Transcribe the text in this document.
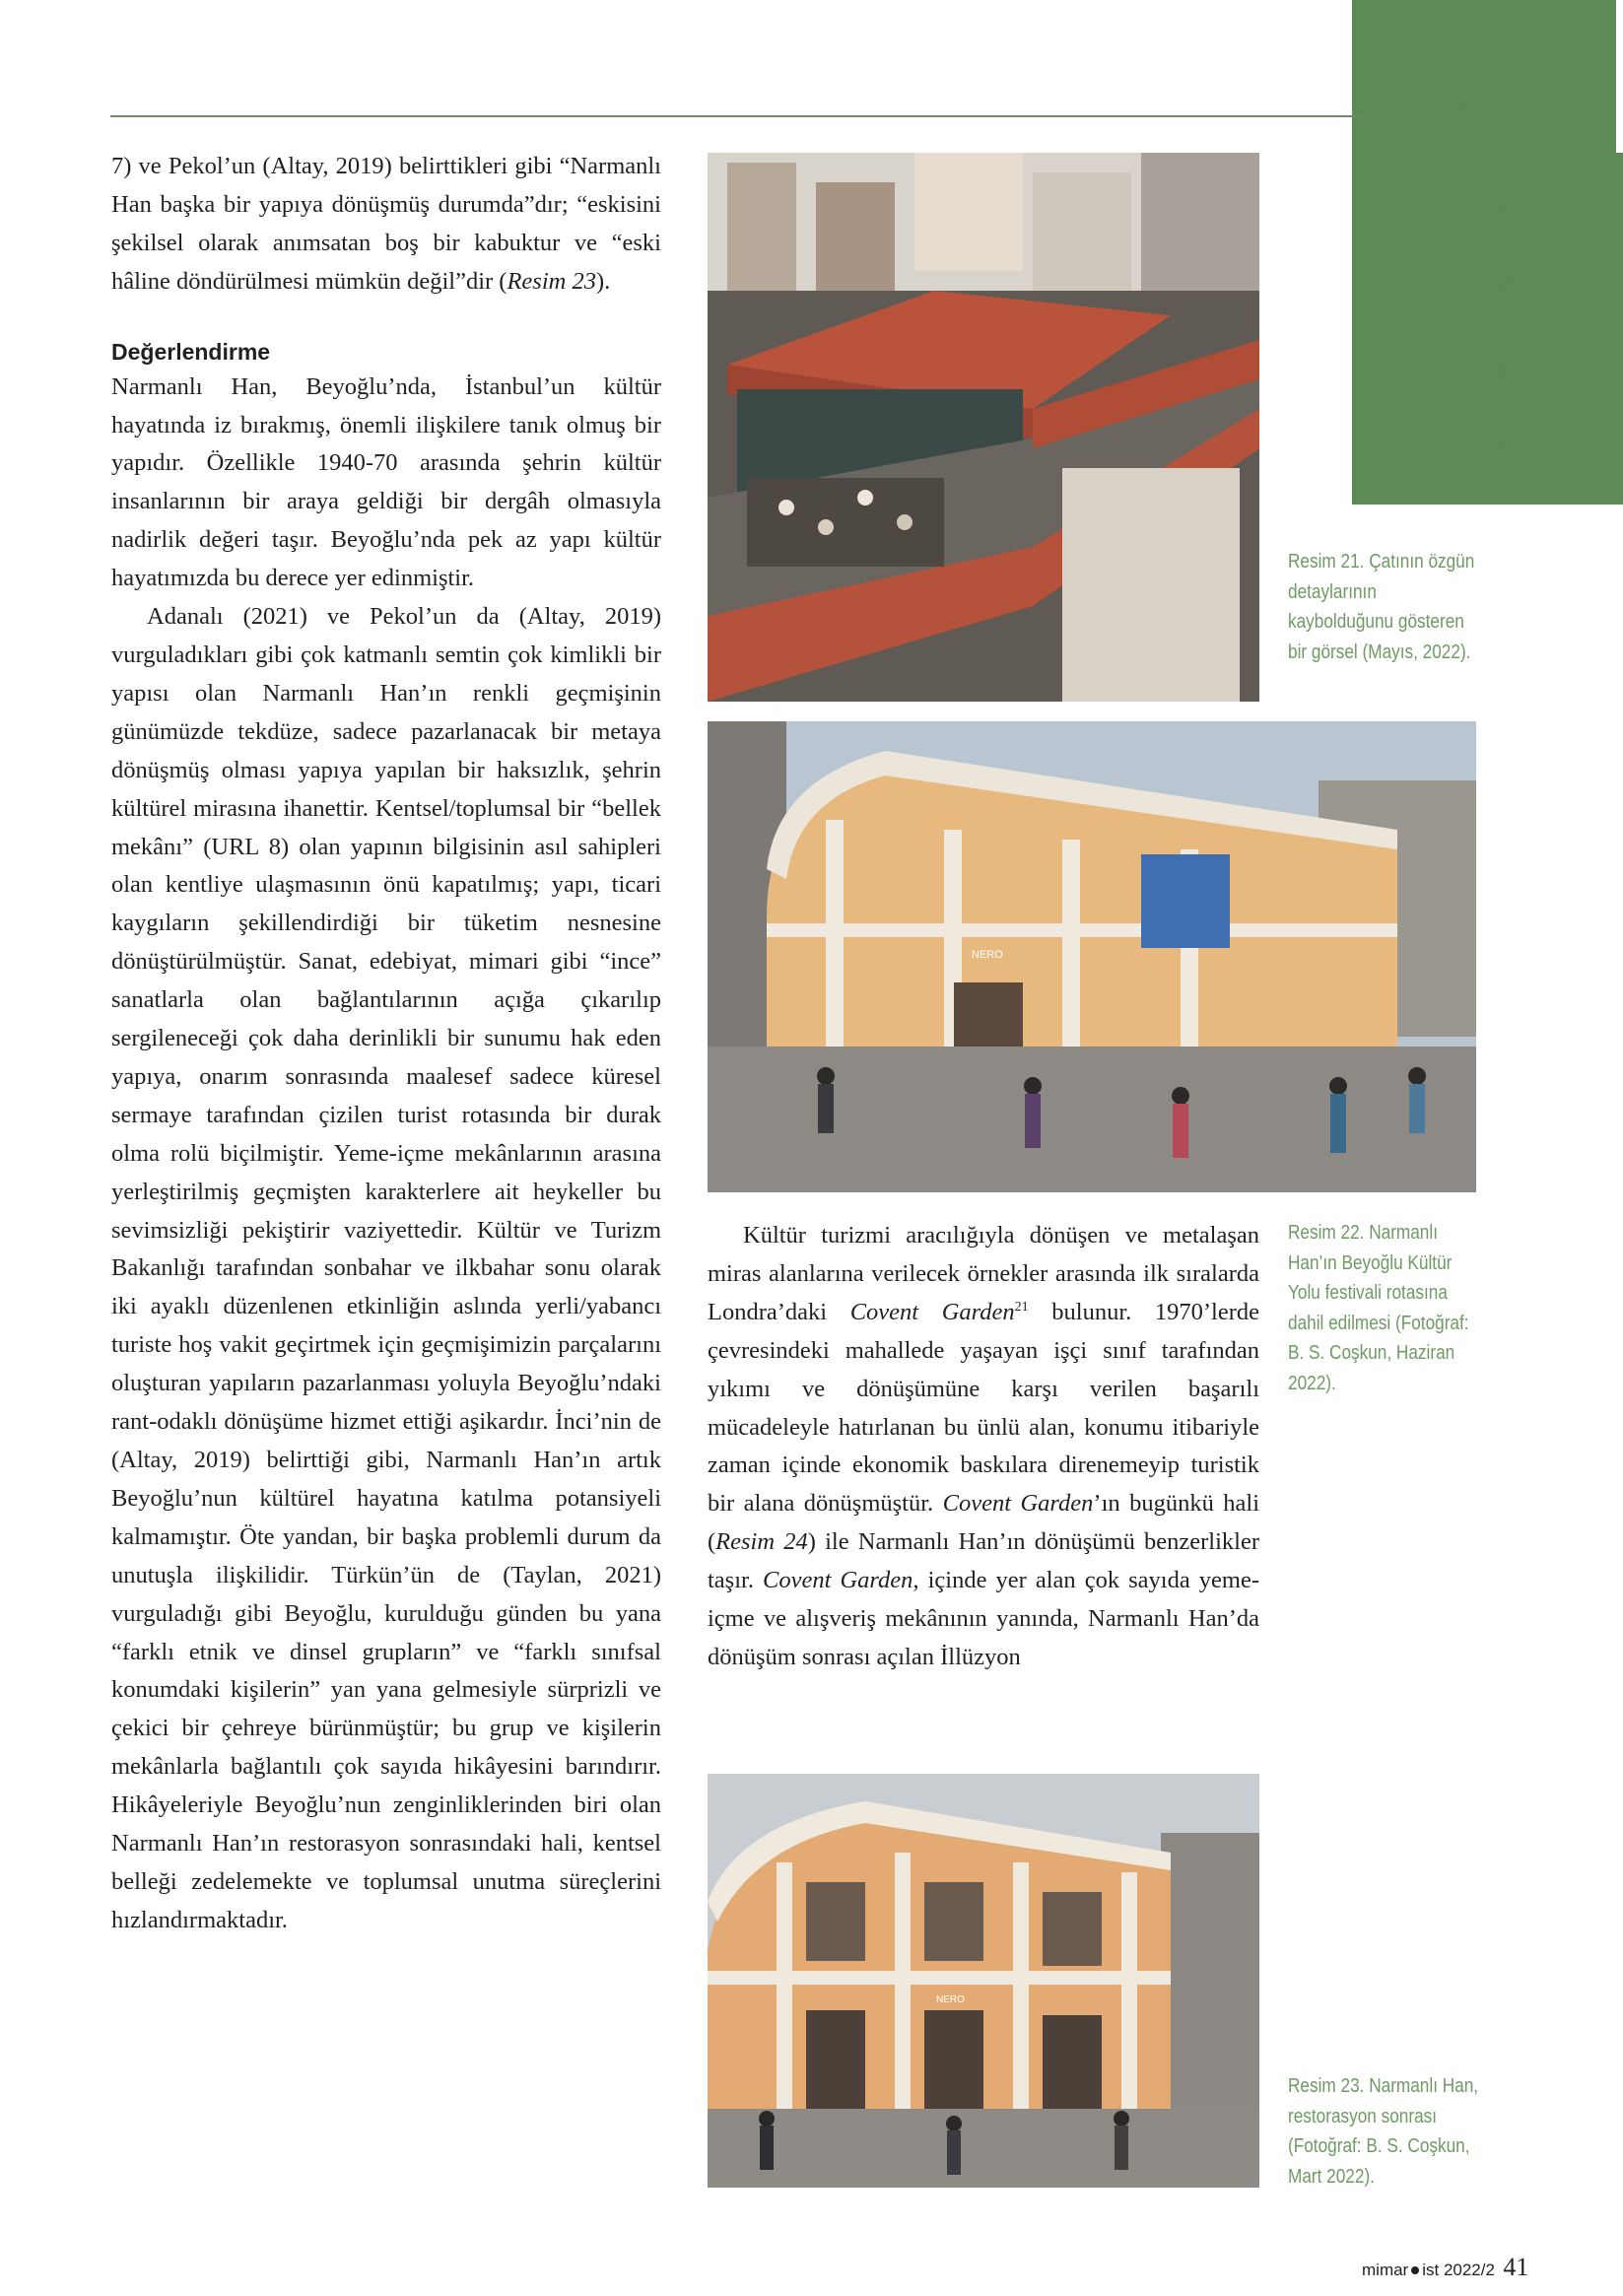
MİNİ DOSYA
BEYOĞLU KÜLTÜR YOLU FESTİVALİ

7) ve Pekol’un (Altay, 2019) belirttikleri gibi “Narmanlı Han başka bir yapıya dönüşmüş durumda”dır; “eskisini şekilsel olarak anımsatan boş bir kabuktur ve “eski hâline döndürülmesi mümkün değil”dir (Resim 23).

Değerlendirme

Narmanlı Han, Beyoğlu’nda, İstanbul’un kültür hayatında iz bırakmış, önemli ilişkilere tanık olmuş bir yapıdır. Özellikle 1940-70 arasında şehrin kültür insanlarının bir araya geldiği bir dergâh olmasıyla nadirlik değeri taşır. Beyoğlu’nda pek az yapı kültür hayatımızda bu derece yer edinmiştir.

Adanalı (2021) ve Pekol’un da (Altay, 2019) vurguladıkları gibi çok katmanlı semtin çok kimlikli bir yapısı olan Narmanlı Han’ın renkli geçmişinin günümüzde tekdüze, sadece pazarlanacak bir metaya dönüşmüş olması yapıya yapılan bir haksızlık, şehrin kültürel mirasına ihanettir. Kentsel/toplumsal bir “bellek mekânı” (URL 8) olan yapının bilgisinin asıl sahipleri olan kentliye ulaşmasının önü kapatılmış; yapı, ticari kaygıların şekillendirdiği bir tüketim nesnesine dönüştürülmüştür. Sanat, edebiyat, mimari gibi “ince” sanatlarla olan bağlantılarının açığa çıkarılıp sergileneceği çok daha derinlikli bir sunumu hak eden yapıya, onarım sonrasında maalesef sadece küresel sermaye tarafından çizilen turist rotasında bir durak olma rolü biçilmiştir. Yeme-içme mekânlarının arasına yerleştirilmiş geçmişten karakterlere ait heykeller bu sevimsizliği pekiştirir vaziyettedir. Kültür ve Turizm Bakanlığı tarafından sonbahar ve ilkbahar sonu olarak iki ayaklı düzenlenen etkinliğin aslında yerli/yabancı turiste hoş vakit geçirtmek için geçmişimizin parçalarını oluşturan yapıların pazarlanması yoluyla Beyoğlu’ndaki rant-odaklı dönüşüme hizmet ettiği aşikardır. İnci’nin de (Altay, 2019) belirttiği gibi, Narmanlı Han’ın artık Beyoğlu’nun kültürel hayatına katılma potansiyeli kalmamıştır. Öte yandan, bir başka problemli durum da unutuşla ilişkilidir. Türkün’ün de (Taylan, 2021) vurguladığı gibi Beyoğlu, kurulduğu günden bu yana “farklı etnik ve dinsel grupların” ve “farklı sınıfsal konumdaki kişilerin” yan yana gelmesiyle sürprizli ve çekici bir çehreye bürünmüştür; bu grup ve kişilerin mekânlarla bağlantılı çok sayıda hikâyesini barındırır. Hikâyeleriyle Beyoğlu’nun zenginliklerinden biri olan Narmanlı Han’ın restorasyon sonrasındaki hali, kentsel belleği zedelemekte ve toplumsal unutma süreçlerini hızlandırmaktadır.

Resim 21. Çatının özgün detaylarının kaybolduğunu gösteren bir görsel (Mayıs, 2022).
NERO
Resim 22. Narmanlı Han’ın Beyoğlu Kültür Yolu festivali rotasına dahil edilmesi (Fotoğraf: B. S. Coşkun, Haziran 2022).

Kültür turizmi aracılığıyla dönüşen ve metalaşan miras alanlarına verilecek örnekler arasında ilk sıralarda Londra’daki Covent Garden$^{21}$ bulunur. 1970’lerde çevresindeki mahallede yaşayan işçi sınıf tarafından yıkımı ve dönüşümüne karşı verilen başarılı mücadeleyle hatırlanan bu ünlü alan, konumu itibariyle zaman içinde ekonomik baskılara direnemeyip turistik bir alana dönüşmüştür. Covent Garden’ın bugünkü hali (Resim 24) ile Narmanlı Han’ın dönüşümü benzerlikler taşır. Covent Garden, içinde yer alan çok sayıda yeme-içme ve alışveriş mekânının yanında, Narmanlı Han’da dönüşüm sonrası açılan İllüzyon

NERO
Resim 23. Narmanlı Han, restorasyon sonrası (Fotoğraf: B. S. Coşkun, Mart 2022).
mimar ist 2022/2 41
